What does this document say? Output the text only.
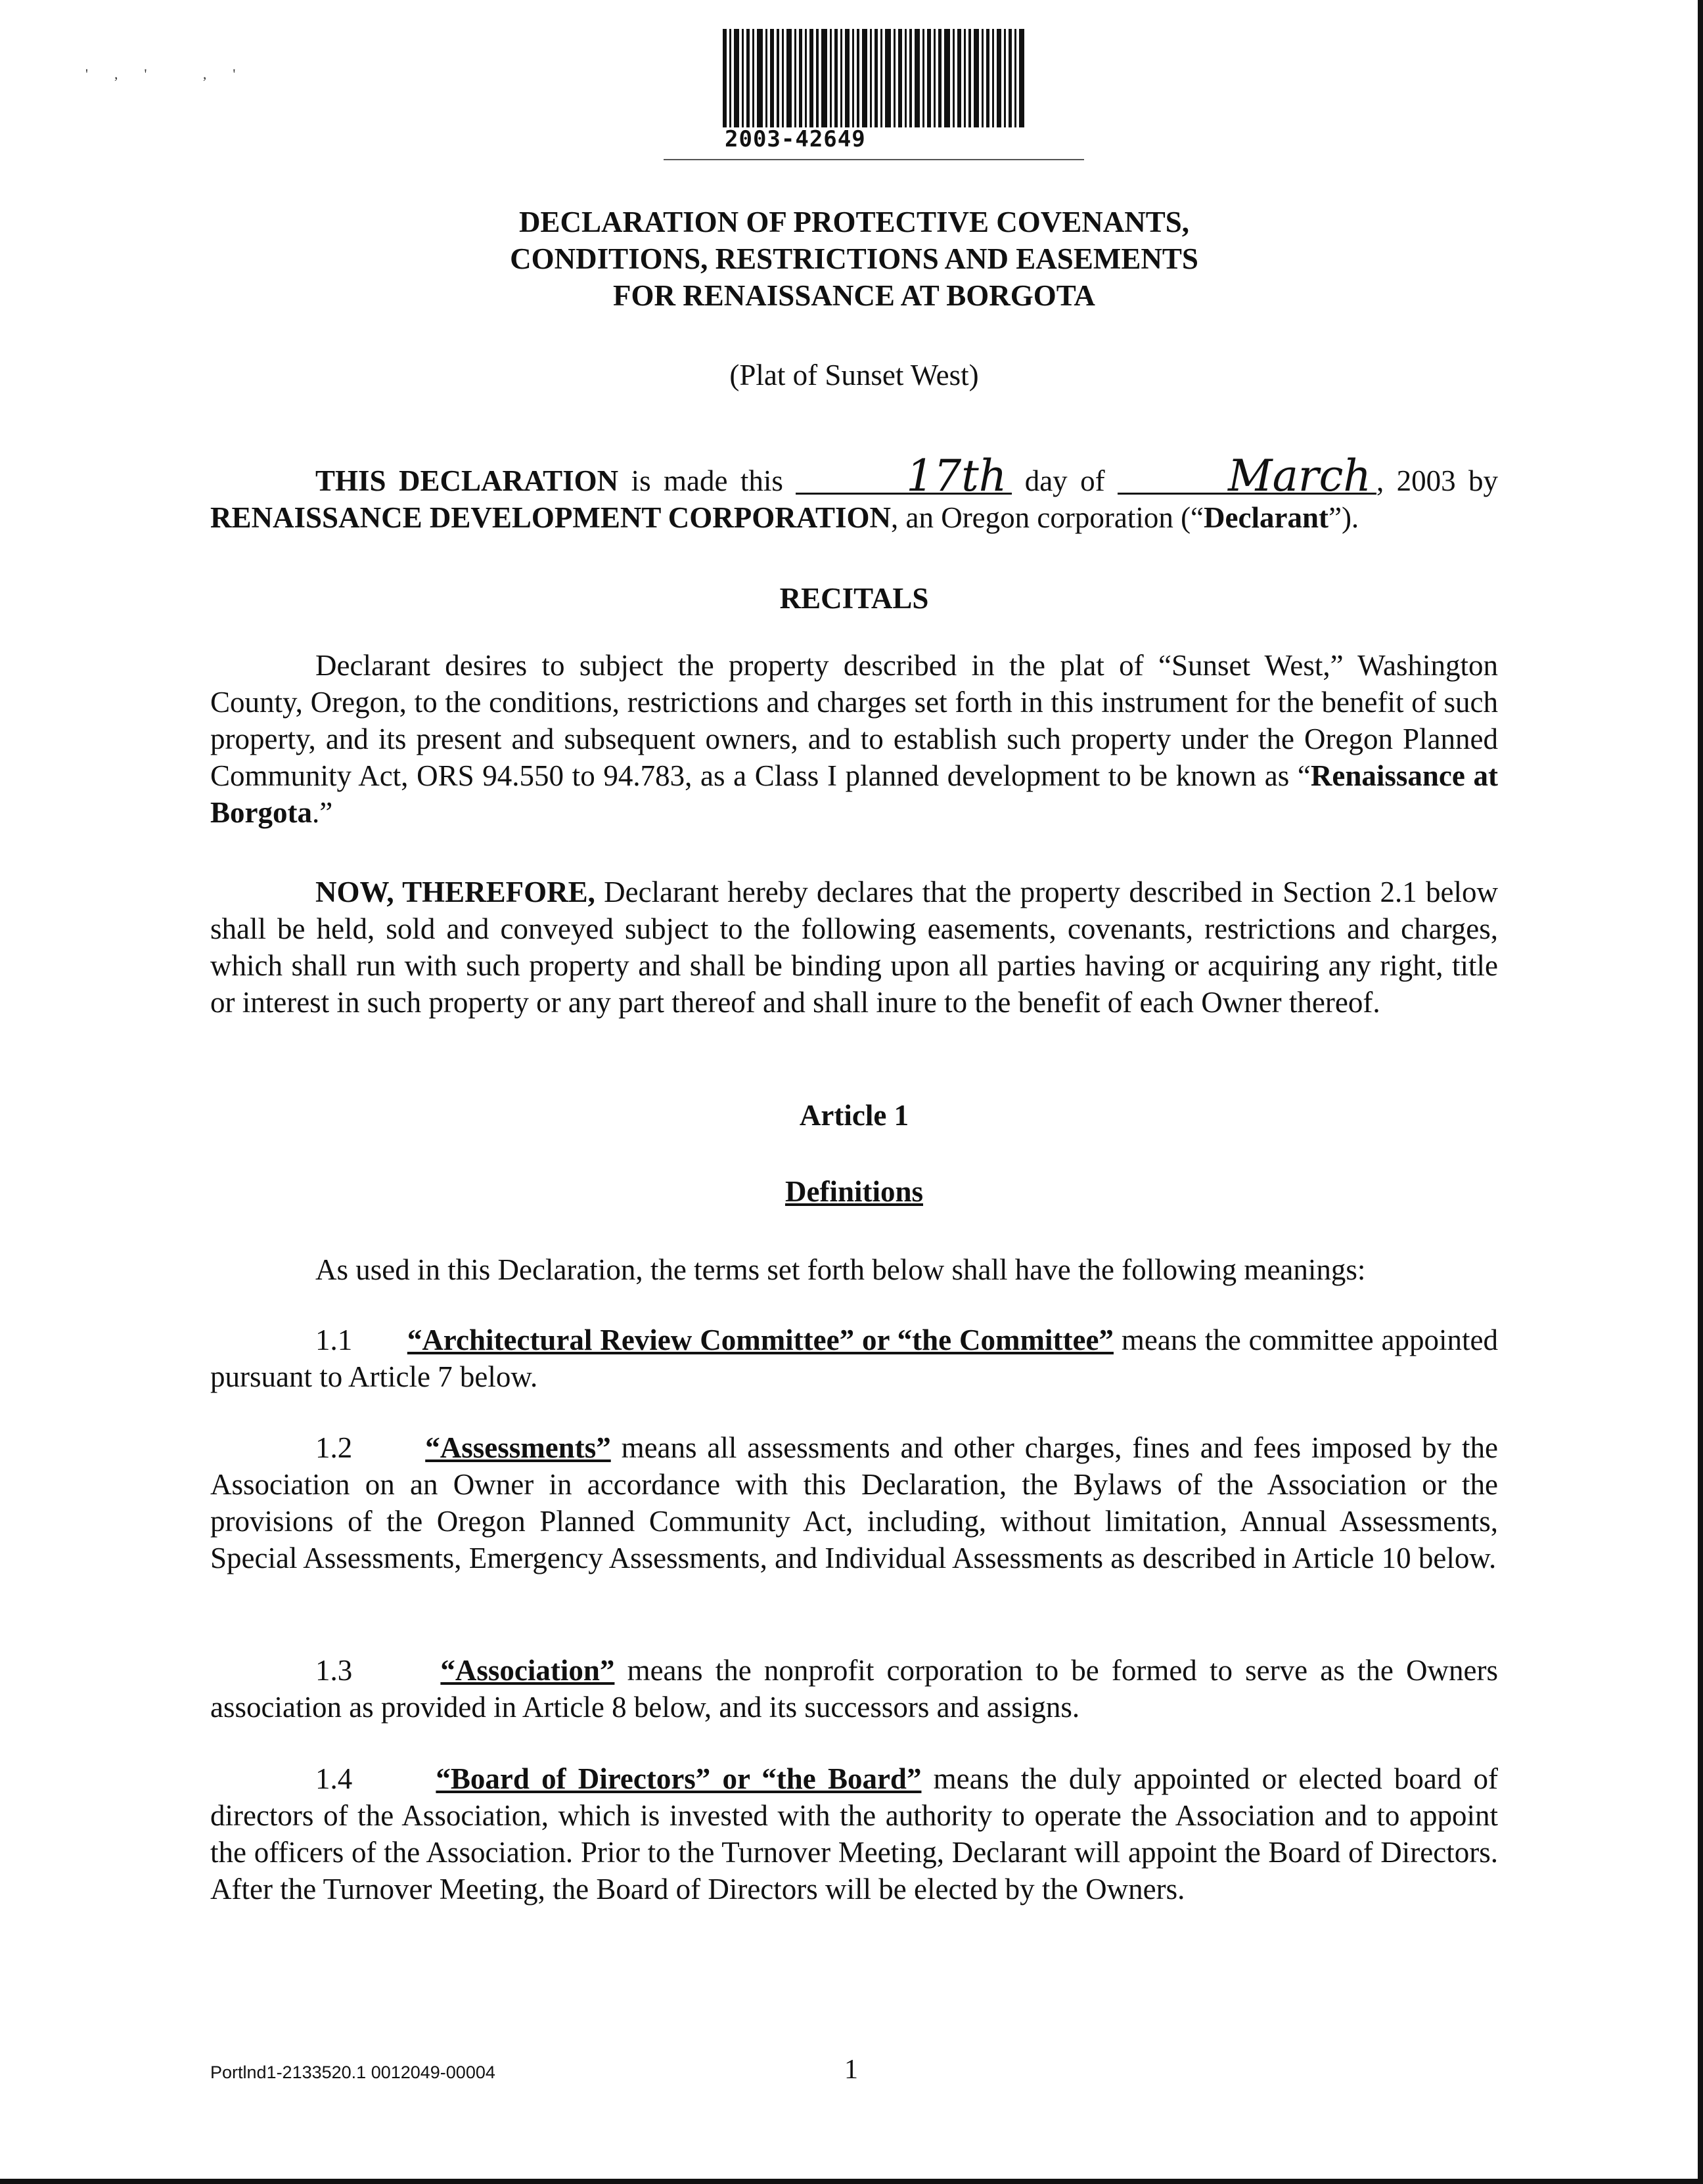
',' ,'
2003-42649
DECLARATION OF PROTECTIVE COVENANTS,
CONDITIONS, RESTRICTIONS AND EASEMENTS
FOR RENAISSANCE AT BORGOTA
(Plat of Sunset West)
THIS DECLARATION is made this	17th day of	March , 2003 by RENAISSANCE DEVELOPMENT CORPORATION, an Oregon corporation (“Declarant”).
RECITALS
Declarant desires to subject the property described in the plat of “Sunset West,” Washington County, Oregon, to the conditions, restrictions and charges set forth in this instrument for the benefit of such property, and its present and subsequent owners, and to establish such property under the Oregon Planned Community Act, ORS 94.550 to 94.783, as a Class I planned development to be known as “Renaissance at Borgota.”
NOW, THEREFORE, Declarant hereby declares that the property described in Section 2.1 below shall be held, sold and conveyed subject to the following easements, covenants, restrictions and charges, which shall run with such property and shall be binding upon all parties having or acquiring any right, title or interest in such property or any part thereof and shall inure to the benefit of each Owner thereof.
Article 1
Definitions
As used in this Declaration, the terms set forth below shall have the following meanings:
1.1 “Architectural Review Committee” or “the Committee” means the committee appointed pursuant to Article 7 below.
1.2 “Assessments” means all assessments and other charges, fines and fees imposed by the Association on an Owner in accordance with this Declaration, the Bylaws of the Association or the provisions of the Oregon Planned Community Act, including, without limitation, Annual Assessments, Special Assessments, Emergency Assessments, and Individual Assessments as described in Article 10 below.
1.3	“Association” means the nonprofit corporation to be formed to serve as the Owners association as provided in Article 8 below, and its successors and assigns.
1.4	“Board of Directors” or “the Board” means the duly appointed or elected board of directors of the Association, which is invested with the authority to operate the Association and to appoint the officers of the Association. Prior to the Turnover Meeting, Declarant will appoint the Board of Directors. After the Turnover Meeting, the Board of Directors will be elected by the Owners.
Portlnd1-2133520.1 0012049-00004	1
